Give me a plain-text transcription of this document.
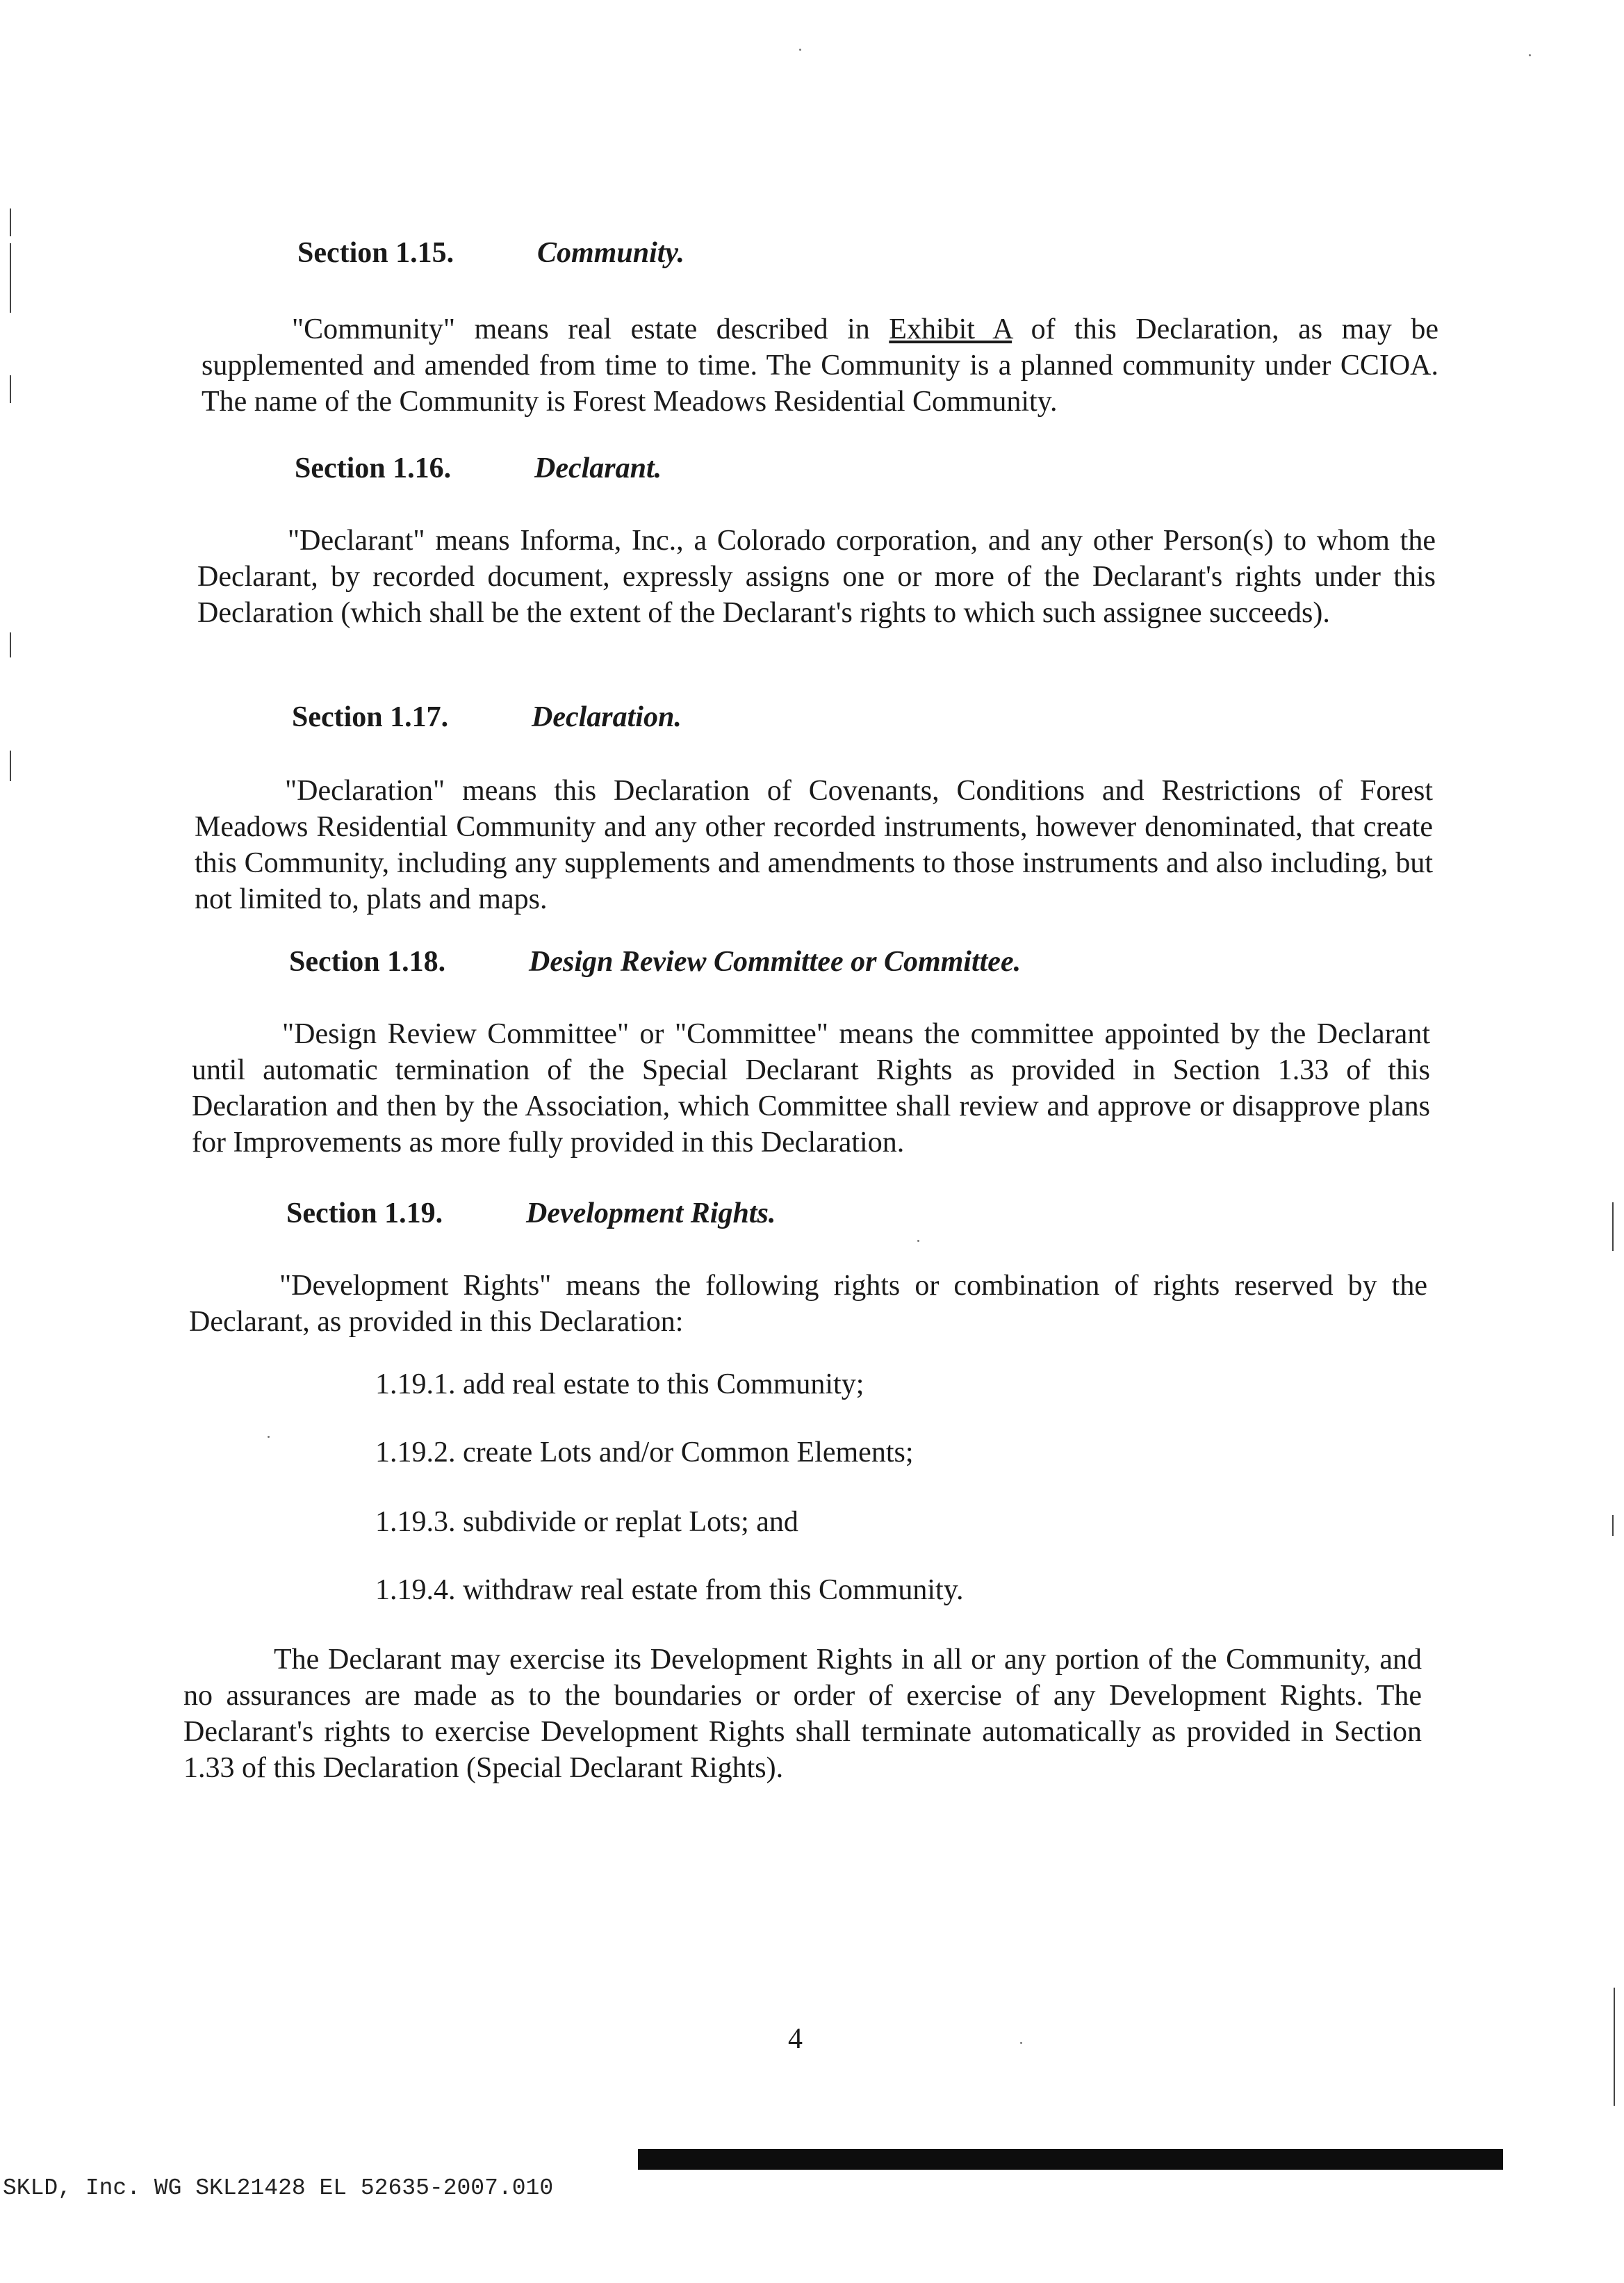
Section 1.15.	Community.
"Community" means real estate described in Exhibit A of this Declaration, as may be supplemented and amended from time to time. The Community is a planned community under CCIOA. The name of the Community is Forest Meadows Residential Community.
Section 1.16.	Declarant.
"Declarant" means Informa, Inc., a Colorado corporation, and any other Person(s) to whom the Declarant, by recorded document, expressly assigns one or more of the Declarant's rights under this Declaration (which shall be the extent of the Declarant's rights to which such assignee succeeds).
Section 1.17.	Declaration.
"Declaration" means this Declaration of Covenants, Conditions and Restrictions of Forest Meadows Residential Community and any other recorded instruments, however denominated, that create this Community, including any supplements and amendments to those instruments and also including, but not limited to, plats and maps.
Section 1.18.	Design Review Committee or Committee.
"Design Review Committee" or "Committee" means the committee appointed by the Declarant until automatic termination of the Special Declarant Rights as provided in Section 1.33 of this Declaration and then by the Association, which Committee shall review and approve or disapprove plans for Improvements as more fully provided in this Declaration.
Section 1.19.	Development Rights.
"Development Rights" means the following rights or combination of rights reserved by the Declarant, as provided in this Declaration:
1.19.1. add real estate to this Community;
1.19.2. create Lots and/or Common Elements;
1.19.3. subdivide or replat Lots; and
1.19.4. withdraw real estate from this Community.
The Declarant may exercise its Development Rights in all or any portion of the Community, and no assurances are made as to the boundaries or order of exercise of any Development Rights. The Declarant's rights to exercise Development Rights shall terminate automatically as provided in Section 1.33 of this Declaration (Special Declarant Rights).
4
SKLD, Inc. WG SKL21428 EL 52635-2007.010
